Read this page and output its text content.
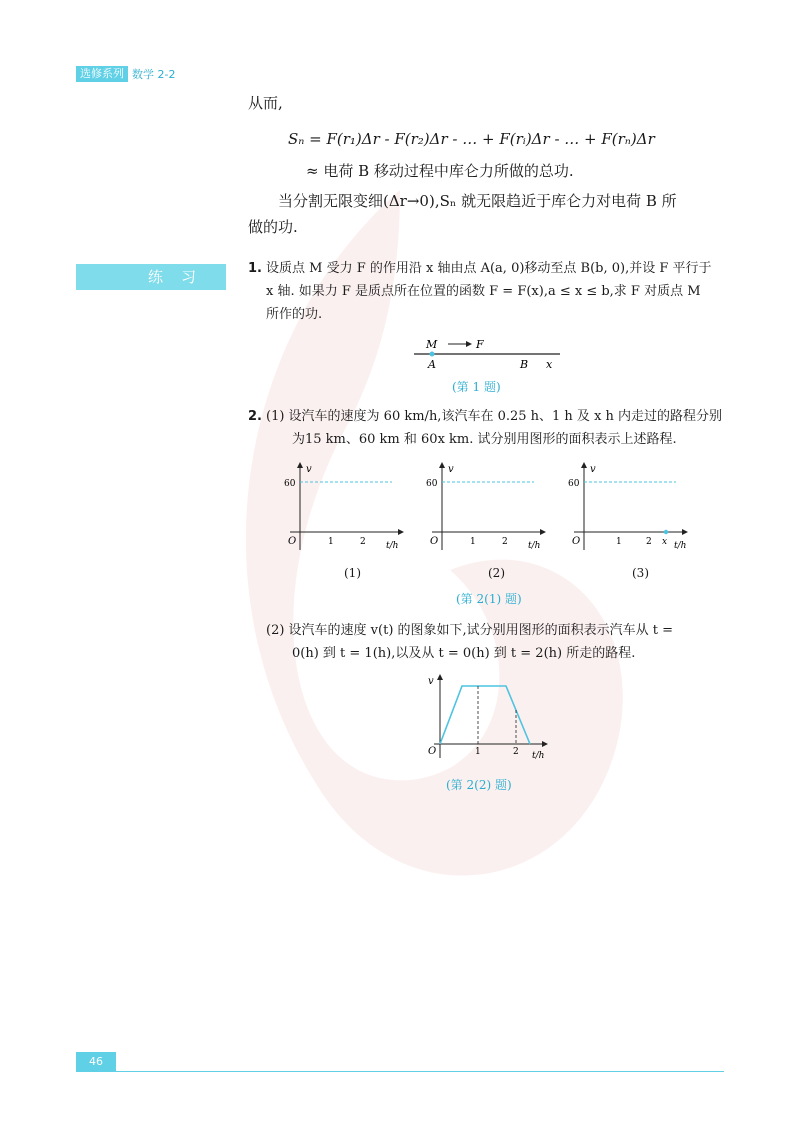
选修系列 数学 2-2
从而,
Sₙ = F(r₁)Δr - F(r₂)Δr - … + F(rᵢ)Δr - … + F(rₙ)Δr
≈ 电荷 B 移动过程中库仑力所做的总功.
当分割无限变细(Δr→0),Sₙ 就无限趋近于库仑力对电荷 B 所
做的功.
练习	1. 设质点 M 受力 F 的作用沿 x 轴由点 A(a, 0)移动至点 B(b, 0),并设 F 平行于
x 轴. 如果力 F 是质点所在位置的函数 F = F(x),a ≤ x ≤ b,求 F 对质点 M
所作的功.
M	F
A	B x
(第 1 题)
2. (1) 设汽车的速度为 60 km/h,该汽车在 0.25 h、1 h 及 x h 内走过的路程分别
为15 km、60 km 和 60x km. 试分别用图形的面积表示上述路程.
v
60
O	1	2 t/h
(1)
v
60
O	1	2 t/h
(2)
v
60
O	1	2 x t/h
(3)
(第 2(1) 题)
(2) 设汽车的速度 v(t) 的图象如下,试分别用图形的面积表示汽车从 t =
0(h) 到 t = 1(h),以及从 t = 0(h) 到 t = 2(h) 所走的路程.
v
O	1	2 t/h
(第 2(2) 题)
46
